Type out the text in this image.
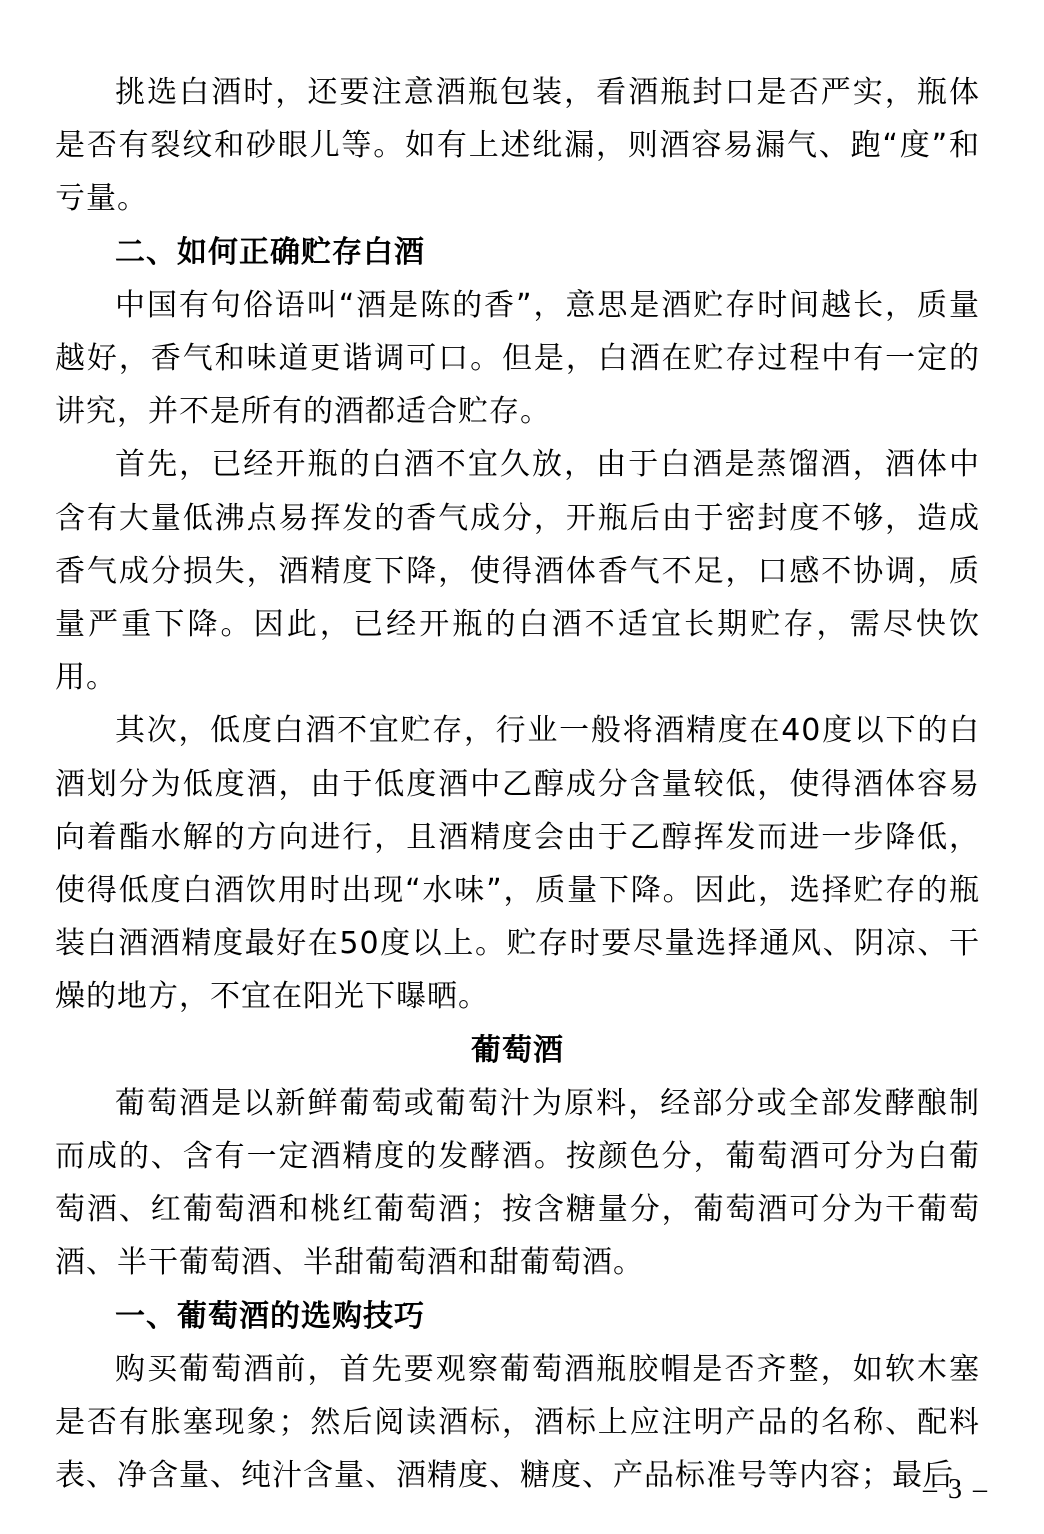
挑选白酒时，还要注意酒瓶包装，看酒瓶封口是否严实，瓶体是否有裂纹和砂眼儿等。如有上述纰漏，则酒容易漏气、跑“度”和亏量。

二、如何正确贮存白酒

中国有句俗语叫“酒是陈的香”，意思是酒贮存时间越长，质量越好，香气和味道更谐调可口。但是，白酒在贮存过程中有一定的讲究，并不是所有的酒都适合贮存。

首先，已经开瓶的白酒不宜久放，由于白酒是蒸馏酒，酒体中含有大量低沸点易挥发的香气成分，开瓶后由于密封度不够，造成香气成分损失，酒精度下降，使得酒体香气不足，口感不协调，质量严重下降。因此，已经开瓶的白酒不适宜长期贮存，需尽快饮用。

其次，低度白酒不宜贮存，行业一般将酒精度在40度以下的白酒划分为低度酒，由于低度酒中乙醇成分含量较低，使得酒体容易向着酯水解的方向进行，且酒精度会由于乙醇挥发而进一步降低，使得低度白酒饮用时出现“水味”，质量下降。因此，选择贮存的瓶装白酒酒精度最好在50度以上。贮存时要尽量选择通风、阴凉、干燥的地方，不宜在阳光下曝晒。

葡萄酒

葡萄酒是以新鲜葡萄或葡萄汁为原料，经部分或全部发酵酿制而成的、含有一定酒精度的发酵酒。按颜色分，葡萄酒可分为白葡萄酒、红葡萄酒和桃红葡萄酒；按含糖量分，葡萄酒可分为干葡萄酒、半干葡萄酒、半甜葡萄酒和甜葡萄酒。

一、葡萄酒的选购技巧

购买葡萄酒前，首先要观察葡萄酒瓶胶帽是否齐整，如软木塞是否有胀塞现象；然后阅读酒标，酒标上应注明产品的名称、配料表、净含量、纯汁含量、酒精度、糖度、产品标准号等内容；最后

– 3 –
